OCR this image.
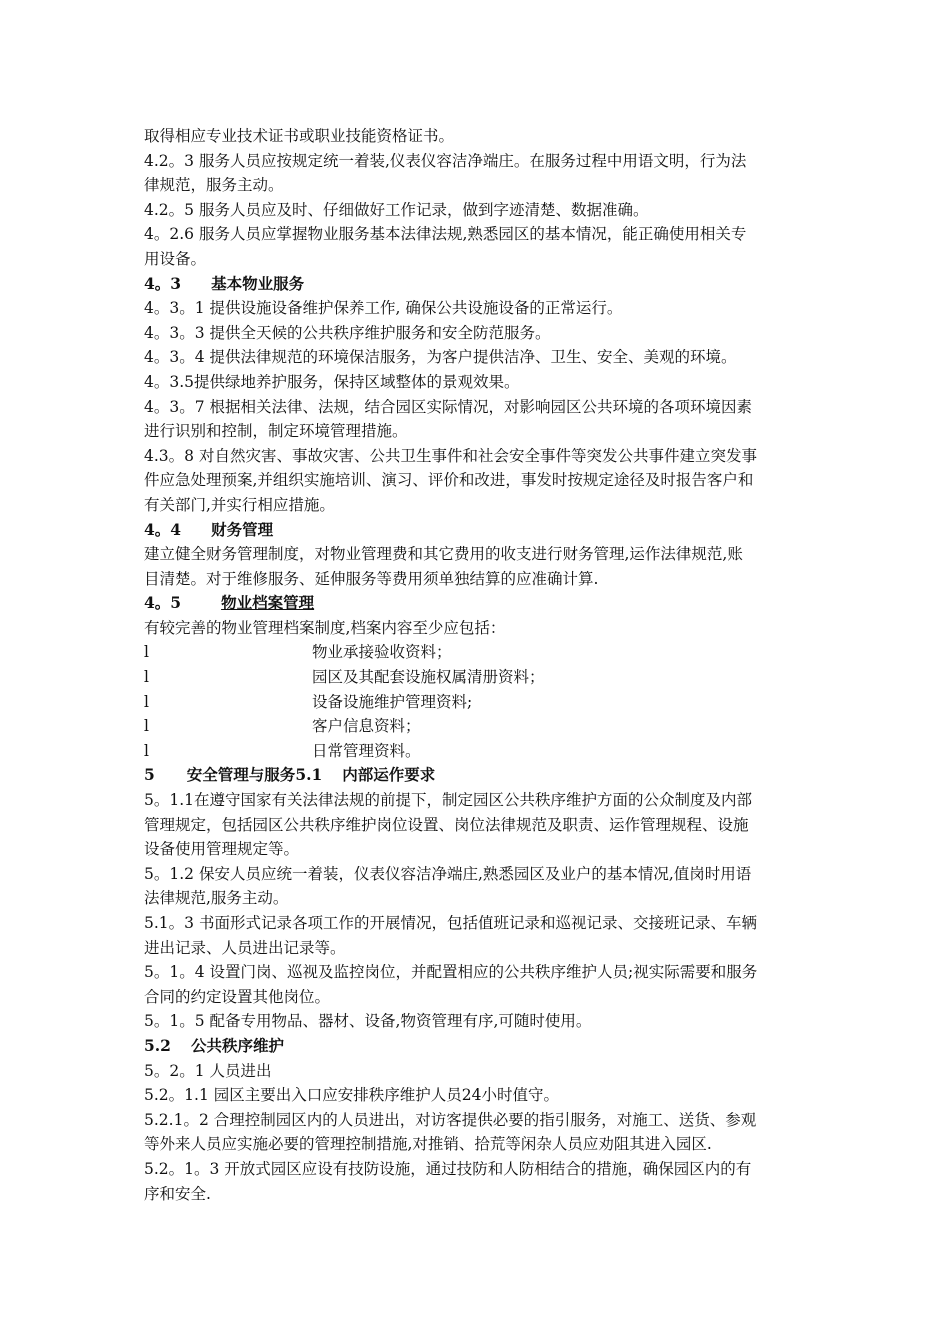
取得相应专业技术证书或职业技能资格证书。
4.2。3 服务人员应按规定统一着装,仪表仪容洁净端庄。在服务过程中用语文明，行为法
律规范，服务主动。
4.2。5 服务人员应及时、仔细做好工作记录，做到字迹清楚、数据准确。
4。2.6 服务人员应掌握物业服务基本法律法规,熟悉园区的基本情况，能正确使用相关专
用设备。
4。3 基本物业服务
4。3。1 提供设施设备维护保养工作, 确保公共设施设备的正常运行。
4。3。3 提供全天候的公共秩序维护服务和安全防范服务。
4。3。4 提供法律规范的环境保洁服务，为客户提供洁净、卫生、安全、美观的环境。
4。3.5提供绿地养护服务，保持区域整体的景观效果。
4。3。7 根据相关法律、法规，结合园区实际情况，对影响园区公共环境的各项环境因素
进行识别和控制，制定环境管理措施。
4.3。8 对自然灾害、事故灾害、公共卫生事件和社会安全事件等突发公共事件建立突发事
件应急处理预案,并组织实施培训、演习、评价和改进，事发时按规定途径及时报告客户和
有关部门,并实行相应措施。
4。4 财务管理
建立健全财务管理制度，对物业管理费和其它费用的收支进行财务管理,运作法律规范,账
目清楚。对于维修服务、延伸服务等费用须单独结算的应准确计算.
4。5	物业档案管理
有较完善的物业管理档案制度,档案内容至少应包括：
l	物业承接验收资料；
l	园区及其配套设施权属清册资料；
l	设备设施维护管理资料;
l	客户信息资料；
l	日常管理资料。
5 安全管理与服务5.1 内部运作要求
5。1.1在遵守国家有关法律法规的前提下，制定园区公共秩序维护方面的公众制度及内部
管理规定，包括园区公共秩序维护岗位设置、岗位法律规范及职责、运作管理规程、设施
设备使用管理规定等。
5。1.2 保安人员应统一着装，仪表仪容洁净端庄,熟悉园区及业户的基本情况,值岗时用语
法律规范,服务主动。
5.1。3 书面形式记录各项工作的开展情况，包括值班记录和巡视记录、交接班记录、车辆
进出记录、人员进出记录等。
5。1。4 设置门岗、巡视及监控岗位，并配置相应的公共秩序维护人员;视实际需要和服务
合同的约定设置其他岗位。
5。1。5 配备专用物品、器材、设备,物资管理有序,可随时使用。
5.2 公共秩序维护
5。2。1 人员进出
5.2。1.1 园区主要出入口应安排秩序维护人员24小时值守。
5.2.1。2 合理控制园区内的人员进出，对访客提供必要的指引服务，对施工、送货、参观
等外来人员应实施必要的管理控制措施,对推销、拾荒等闲杂人员应劝阻其进入园区.
5.2。1。3 开放式园区应设有技防设施，通过技防和人防相结合的措施，确保园区内的有
序和安全.
